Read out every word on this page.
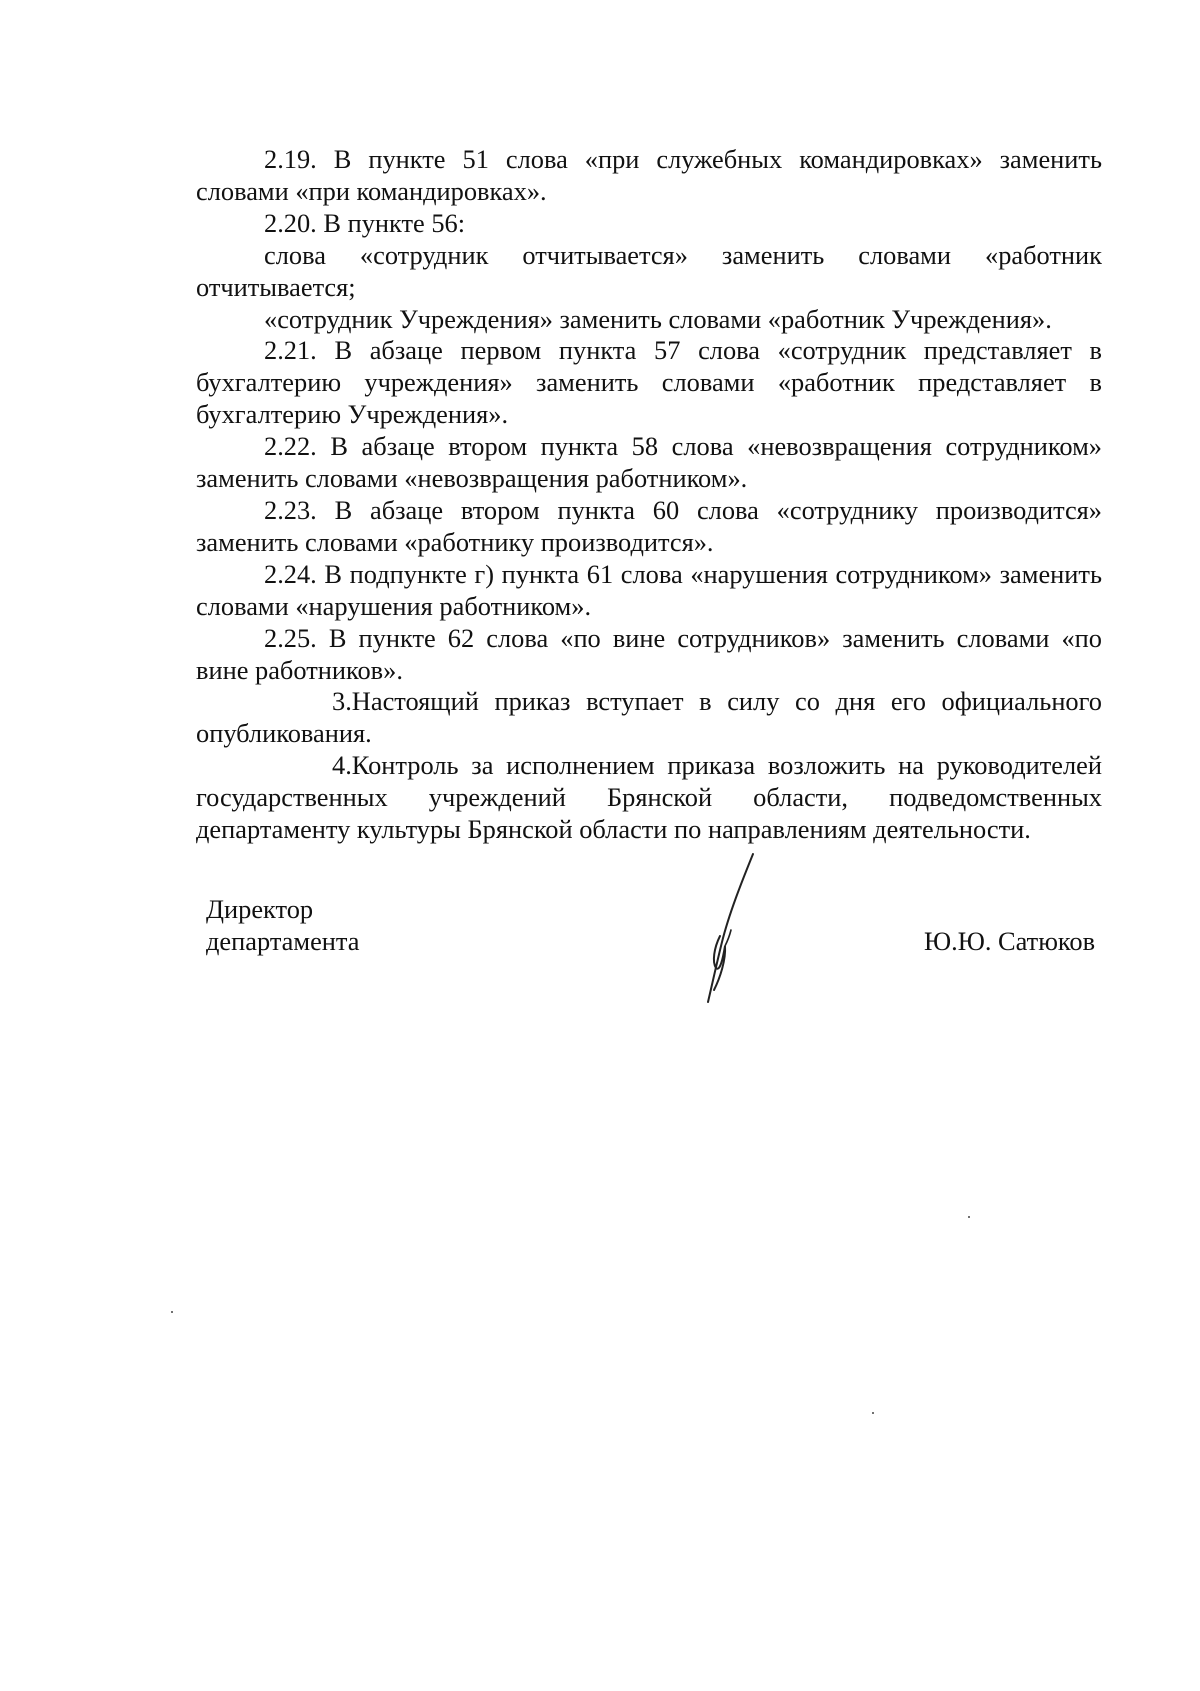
2.19. В пункте 51 слова «при служебных командировках» заменить словами «при командировках».

2.20. В пункте 56:

слова «сотрудник отчитывается» заменить словами «работник отчитывается;

«сотрудник Учреждения» заменить словами «работник Учреждения».

2.21. В абзаце первом пункта 57 слова «сотрудник представляет в бухгалтерию учреждения» заменить словами «работник представляет в бухгалтерию Учреждения».

2.22. В абзаце втором пункта 58 слова «невозвращения сотрудником» заменить словами «невозвращения работником».

2.23. В абзаце втором пункта 60 слова «сотруднику производится» заменить словами «работнику производится».

2.24. В подпункте г) пункта 61 слова «нарушения сотрудником» заменить словами «нарушения работником».

2.25. В пункте 62 слова «по вине сотрудников» заменить словами «по вине работников».

3.Настоящий приказ вступает в силу со дня его официального опубликования.

4.Контроль за исполнением приказа возложить на руководителей государственных учреждений Брянской области, подведомственных департаменту культуры Брянской области по направлениям деятельности.

Директор
департамента	Ю.Ю. Сатюков
